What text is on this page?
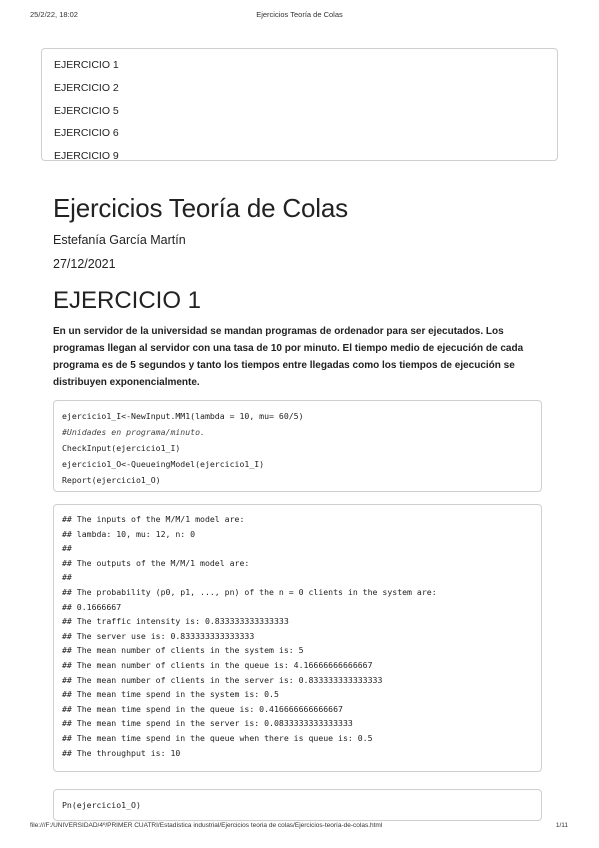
25/2/22, 18:02	Ejercicios Teoría de Colas
EJERCICIO 1
EJERCICIO 2
EJERCICIO 5
EJERCICIO 6
EJERCICIO 9
Ejercicios Teoría de Colas
Estefanía García Martín
27/12/2021
EJERCICIO 1

En un servidor de la universidad se mandan programas de ordenador para ser ejecutados. Los programas llegan al servidor con una tasa de 10 por minuto. El tiempo medio de ejecución de cada programa es de 5 segundos y tanto los tiempos entre llegadas como los tiempos de ejecución se distribuyen exponencialmente.

ejercicio1_I<-NewInput.MM1(lambda = 10, mu= 60/5)
#Unidades en programa/minuto.
CheckInput(ejercicio1_I)
ejercicio1_O<-QueueingModel(ejercicio1_I)
Report(ejercicio1_O)
## The inputs of the M/M/1 model are:
## lambda: 10, mu: 12, n: 0
##
## The outputs of the M/M/1 model are:
##
## The probability (p0, p1, ..., pn) of the n = 0 clients in the system are:
## 0.1666667
## The traffic intensity is: 0.833333333333333
## The server use is: 0.833333333333333
## The mean number of clients in the system is: 5
## The mean number of clients in the queue is: 4.16666666666667
## The mean number of clients in the server is: 0.833333333333333
## The mean time spend in the system is: 0.5
## The mean time spend in the queue is: 0.416666666666667
## The mean time spend in the server is: 0.0833333333333333
## The mean time spend in the queue when there is queue is: 0.5
## The throughput is: 10
Pn(ejercicio1_O)
file:///F:/UNIVERSIDAD/4º/PRIMER CUATRI/Estadística industrial/Ejercicios teoria de colas/Ejercicios-teoría-de-colas.html	1/11
